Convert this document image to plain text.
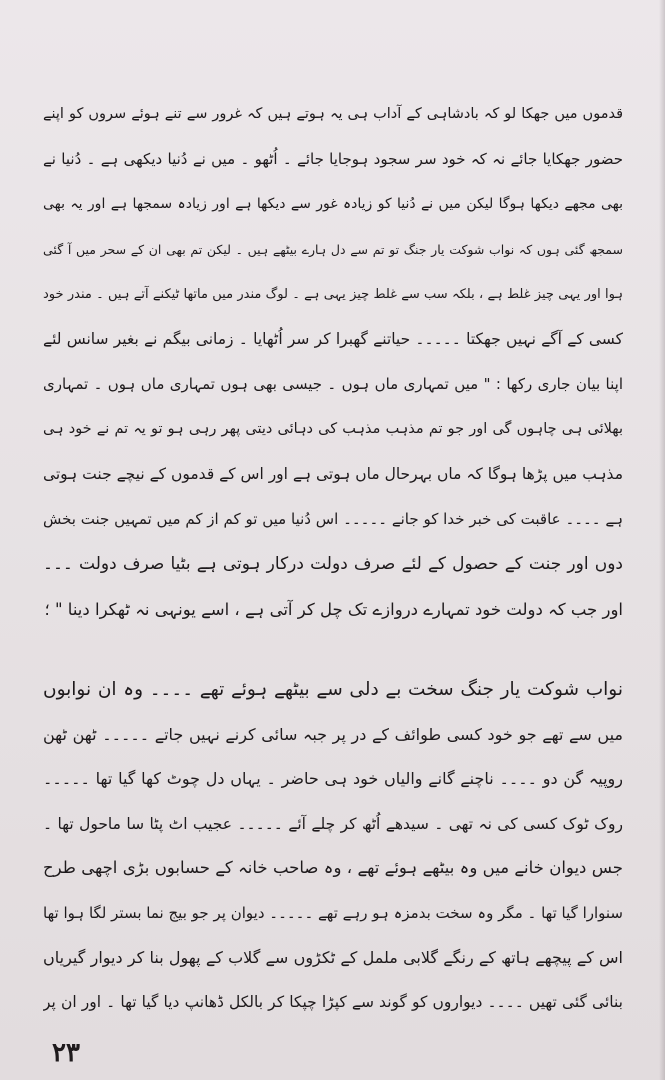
قدموں میں جھکا لو کہ بادشاہی کے آداب ہی یہ ہوتے ہیں کہ غرور سے تنے ہوئے سروں کو اپنے
حضور جھکایا جائے نہ کہ خود سر سجود ہوجایا جائے ۔ اُٹھو ۔ میں نے دُنیا دیکھی ہے ۔ دُنیا نے
بھی مجھے دیکھا ہوگا لیکن میں نے دُنیا کو زیادہ غور سے دیکھا ہے اور زیادہ سمجھا ہے اور یہ بھی
سمجھ گئی ہوں کہ نواب شوکت یار جنگ تو تم سے دل ہارے بیٹھے ہیں ۔ لیکن تم بھی ان کے سحر میں آ گئی
ہوا اور یہی چیز غلط ہے ، بلکہ سب سے غلط چیز یہی ہے ۔ لوگ مندر میں ماتھا ٹیکنے آتے ہیں ۔ مندر خود
کسی کے آگے نہیں جھکتا ۔۔۔۔۔ حیاتنے گھبرا کر سر اُٹھایا ۔ زمانی بیگم نے بغیر سانس لئے
اپنا بیان جاری رکھا : " میں تمہاری ماں ہوں ۔ جیسی بھی ہوں تمہاری ماں ہوں ۔ تمہاری
بھلائی ہی چاہوں گی اور جو تم مذہب مذہب کی دہائی دیتی پھر رہی ہو تو یہ تم نے خود ہی
مذہب میں پڑھا ہوگا کہ ماں بہرحال ماں ہوتی ہے اور اس کے قدموں کے نیچے جنت ہوتی
ہے ۔۔۔۔ عاقبت کی خبر خدا کو جانے ۔۔۔۔۔ اس دُنیا میں تو کم از کم میں تمہیں جنت بخش
دوں اور جنت کے حصول کے لئے صرف دولت درکار ہوتی ہے بٹیا صرف دولت ۔۔۔
اور جب کہ دولت خود تمہارے دروازے تک چل کر آتی ہے ، اسے یونہی نہ ٹھکرا دینا " ؛
نواب شوکت یار جنگ سخت بے دلی سے بیٹھے ہوئے تھے ۔۔۔۔ وہ ان نوابوں
میں سے تھے جو خود کسی طوائف کے در پر جبہ سائی کرنے نہیں جاتے ۔۔۔۔۔ ٹھن ٹھن
روپیہ گن دو ۔۔۔۔ ناچنے گانے والیاں خود ہی حاضر ۔ یہاں دل چوٹ کھا گیا تھا ۔۔۔۔۔
روک ٹوک کسی کی نہ تھی ۔ سیدھے اُٹھ کر چلے آئے ۔۔۔۔۔ عجیب اٹ پٹا سا ماحول تھا ۔
جس دیوان خانے میں وہ بیٹھے ہوئے تھے ، وہ صاحب خانہ کے حسابوں بڑی اچھی طرح
سنوارا گیا تھا ۔ مگر وہ سخت بدمزہ ہو رہے تھے ۔۔۔۔۔ دیوان پر جو بیج نما بستر لگا ہوا تھا
اس کے پیچھے ہاتھ کے رنگے گلابی ململ کے ٹکڑوں سے گلاب کے پھول بنا کر دیوار گیریاں
بنائی گئی تھیں ۔۔۔۔ دیواروں کو گوند سے کپڑا چپکا کر بالکل ڈھانپ دیا گیا تھا ۔ اور ان پر
۲۳
